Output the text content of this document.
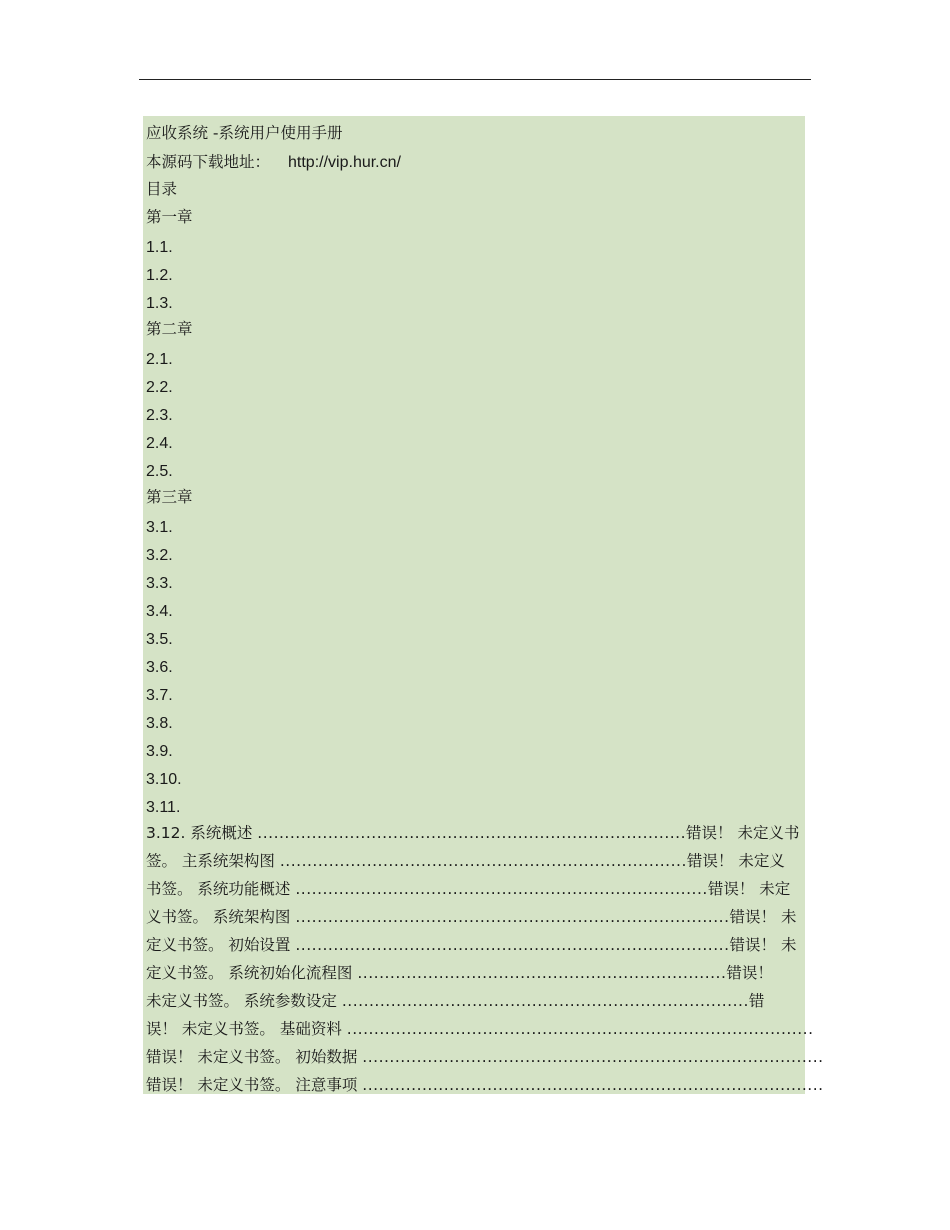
应收系统 -系统用户使用手册
本源码下载地址： http://vip.hur.cn/
目录
第一章
1.1.
1.2.
1.3.
第二章
2.1.
2.2.
2.3.
2.4.
2.5.
第三章
3.1.
3.2.
3.3.
3.4.
3.5.
3.6.
3.7.
3.8.
3.9.
3.10.
3.11.
3.12. 系统概述 ...............................................................................错误！ 未定义书
签。 主系统架构图 ...........................................................................错误！ 未定义
书签。 系统功能概述 ............................................................................错误！ 未定
义书签。 系统架构图 ................................................................................错误！ 未
定义书签。 初始设置 ................................................................................错误！ 未
定义书签。 系统初始化流程图 ....................................................................错误！
未定义书签。 系统参数设定 ...........................................................................错
误！ 未定义书签。 基础资料 ......................................................................................
错误！ 未定义书签。 初始数据 .....................................................................................
错误！ 未定义书签。 注意事项 .....................................................................................
